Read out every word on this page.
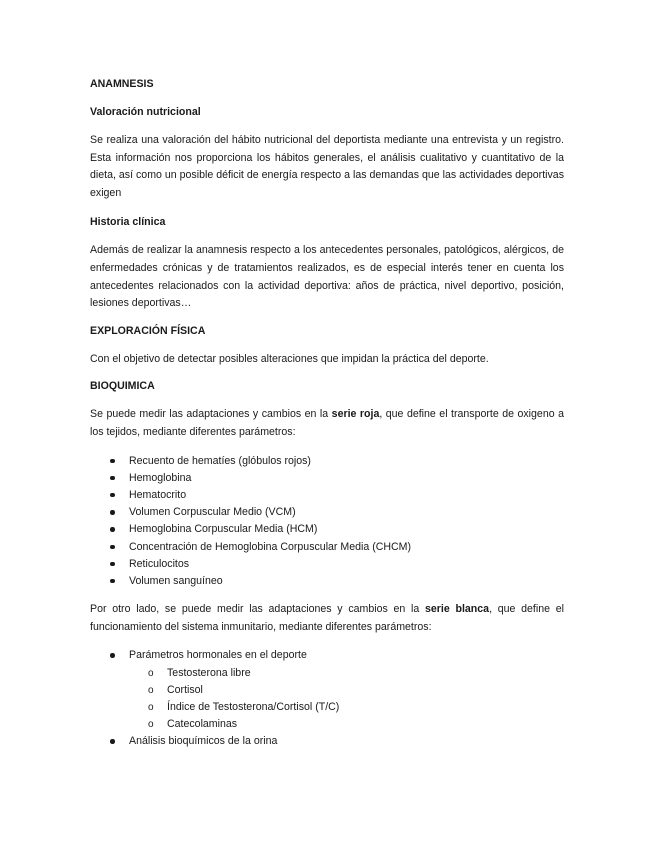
ANAMNESIS

Valoración nutricional

Se realiza una valoración del hábito nutricional del deportista mediante una entrevista y un registro. Esta información nos proporciona los hábitos generales, el análisis cualitativo y cuantitativo de la dieta, así como un posible déficit de energía respecto a las demandas que las actividades deportivas exigen

Historia clínica

Además de realizar la anamnesis respecto a los antecedentes personales, patológicos, alérgicos, de enfermedades crónicas y de tratamientos realizados, es de especial interés tener en cuenta los antecedentes relacionados con la actividad deportiva: años de práctica, nivel deportivo, posición, lesiones deportivas…

EXPLORACIÓN FÍSICA

Con el objetivo de detectar posibles alteraciones que impidan la práctica del deporte.

BIOQUIMICA

Se puede medir las adaptaciones y cambios en la serie roja, que define el transporte de oxigeno a los tejidos, mediante diferentes parámetros:

Recuento de hematíes (glóbulos rojos)
Hemoglobina
Hematocrito
Volumen Corpuscular Medio (VCM)
Hemoglobina Corpuscular Media (HCM)
Concentración de Hemoglobina Corpuscular Media (CHCM)
Reticulocitos
Volumen sanguíneo

Por otro lado, se puede medir las adaptaciones y cambios en la serie blanca, que define el funcionamiento del sistema inmunitario, mediante diferentes parámetros:

Parámetros hormonales en el deporte
o Testosterona libre
o Cortisol
o Índice de Testosterona/Cortisol (T/C)
o Catecolaminas
Análisis bioquímicos de la orina
